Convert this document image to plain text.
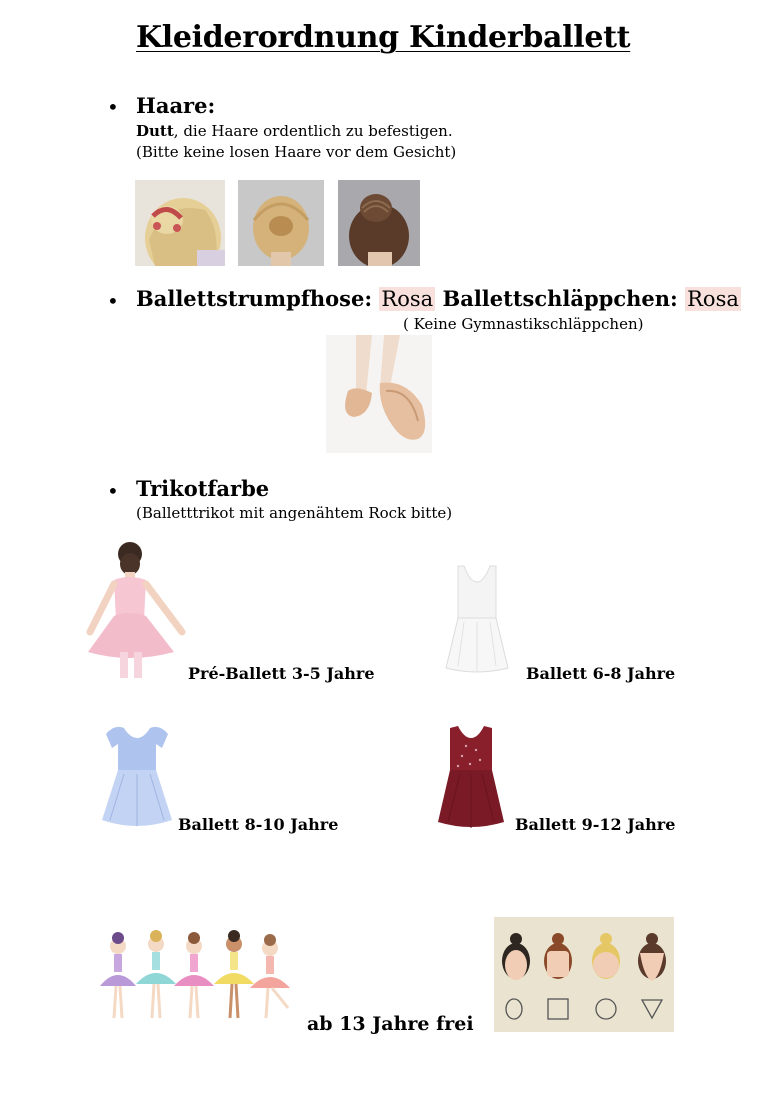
Kleiderordnung Kinderballett
• Haare:
Dutt, die Haare ordentlich zu befestigen.
(Bitte keine losen Haare vor dem Gesicht)
• Ballettstrumpfhose: Rosa Ballettschläppchen: Rosa
( Keine Gymnastikschläppchen)
• Trikotfarbe
(Balletttrikot mit angenähtem Rock bitte)
Pré-Ballett 3-5 Jahre	Ballett 6-8 Jahre
Ballett 8-10 Jahre	Ballett 9-12 Jahre
ab 13 Jahre frei
